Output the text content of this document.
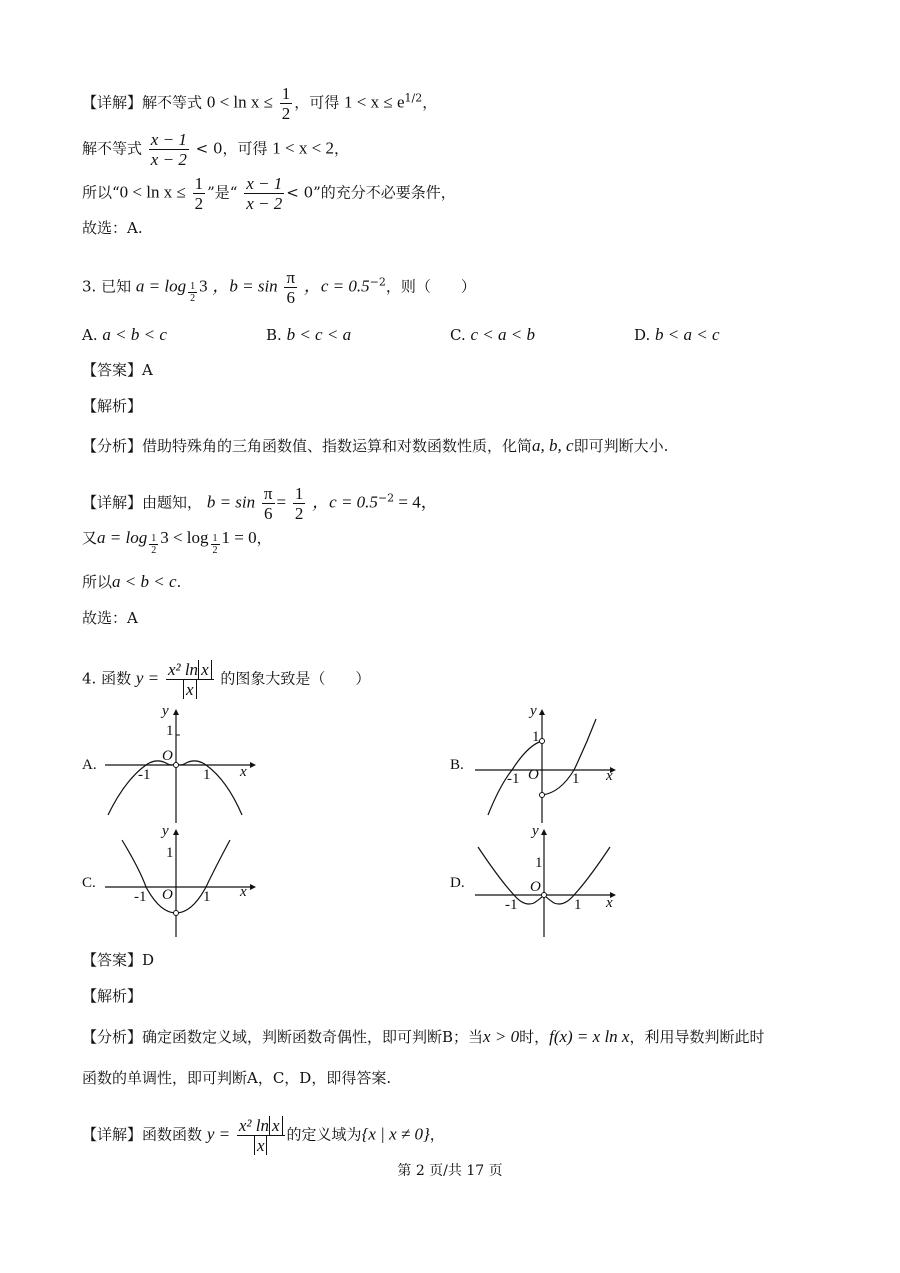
【详解】解不等式 $0 < \ln x \le \frac{1}{2}$ ，可得 $1 < x \le e^{1/2}$，
解不等式 $\frac{x - 1}{x - 2} < 0$，可得 1 < x < 2，
所以“$0 < \ln x \le \frac{1}{2}$ ”是“ $\frac{x - 1}{x - 2} < 0$”的充分不必要条件，
故选：A.
3. 已知 a = log $_{\frac{1}{2}}$ 3 ，$b = \sin \frac{\pi}{6}$ ，$c = 0.5^{-2}$，则（　　）
A. a < b < c	B. b < c < a	C. c < a < b	D. b < a < c
【答案】A
【解析】
【分析】借助特殊角的三角函数值、指数运算和对数函数性质，化简a, b, c即可判断大小.
【详解】由题知， $b = \sin \frac{\pi}{6} = \frac{1}{2}$ ，$c = 0.5^{-2} = 4$，
又a = log $_{\frac{1}{2}}$ 3 < log $_{\frac{1}{2}}$ 1 = 0，
所以a < b < c.
故选：A
4. 函数 $y = \frac{\text{x² ln x}}{x}$ 的图象大致是（　　）
A.
y
1
O
-1	1 x	B.
y
1
O
-1	1 x
C.
y
1
O
-1	1 x
D.
y
1
O
-1	1 x
【答案】D
【解析】
【分析】确定函数定义域，判断函数奇偶性，即可判断B；当x > 0时，f(x) = x ln x，利用导数判断此时
函数的单调性，即可判断A，C，D，即得答案.
【详解】函数函数 $y = \frac{\text{x² ln x}}{x}$ 的定义域为{x | x ≠ 0}，
第 2 页/共 17 页
